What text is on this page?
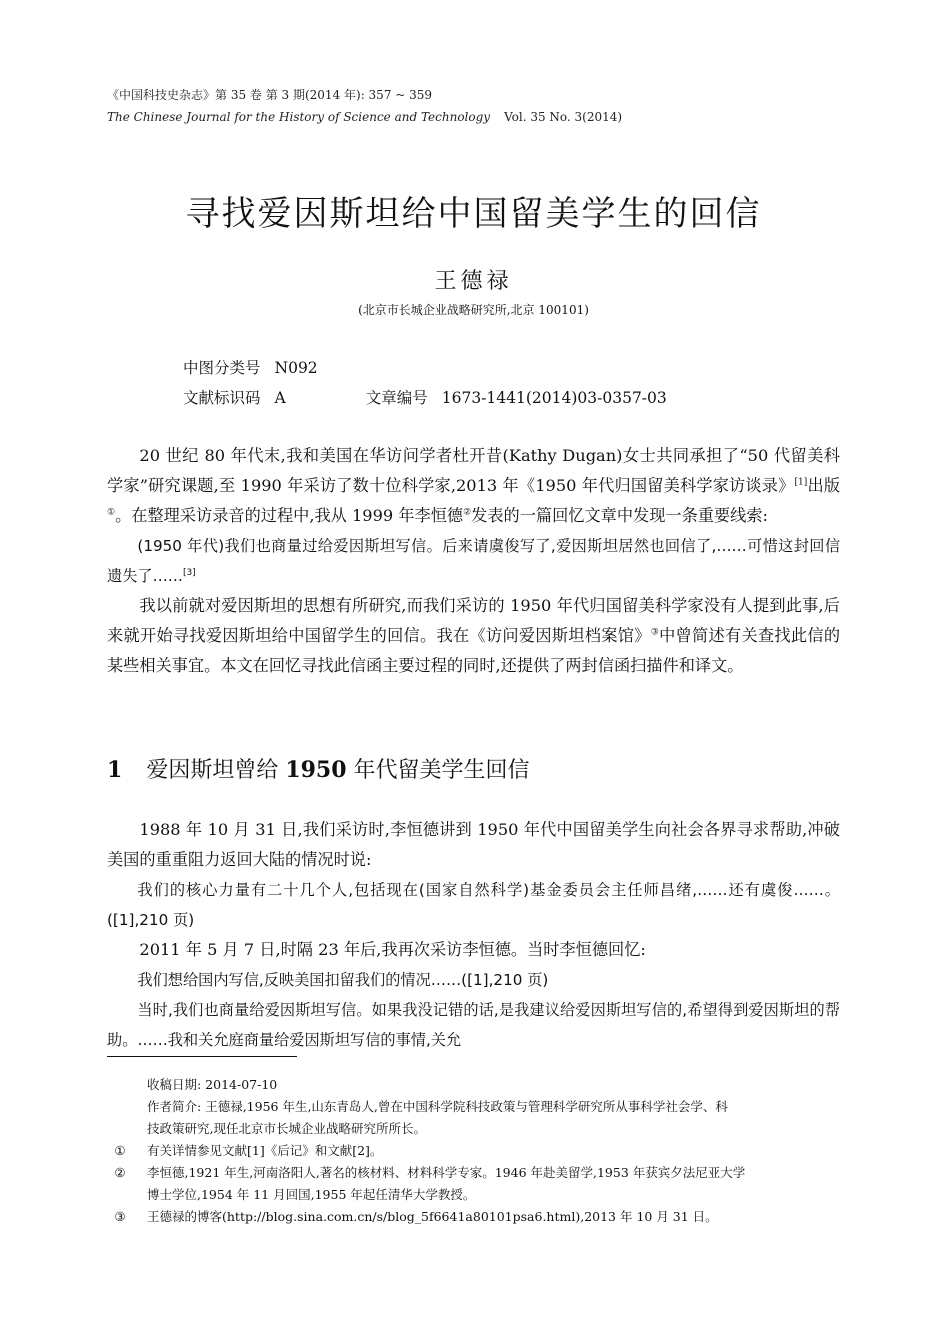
《中国科技史杂志》第 35 卷 第 3 期(2014 年): 357 ~ 359
The Chinese Journal for the History of Science and Technology Vol. 35 No. 3(2014)
寻找爱因斯坦给中国留美学生的回信
王德禄
(北京市长城企业战略研究所,北京 100101)
中图分类号 N092
文献标识码 A	文章编号 1673-1441(2014)03-0357-03

20 世纪 80 年代末,我和美国在华访问学者杜开昔(Kathy Dugan)女士共同承担了“50 代留美科学家”研究课题,至 1990 年采访了数十位科学家,2013 年《1950 年代归国留美科学家访谈录》[1]出版①。在整理采访录音的过程中,我从 1999 年李恒德②发表的一篇回忆文章中发现一条重要线索:

(1950 年代)我们也商量过给爱因斯坦写信。后来请虞俊写了,爱因斯坦居然也回信了,……可惜这封回信遗失了……[3]

我以前就对爱因斯坦的思想有所研究,而我们采访的 1950 年代归国留美科学家没有人提到此事,后来就开始寻找爱因斯坦给中国留学生的回信。我在《访问爱因斯坦档案馆》③中曾简述有关查找此信的某些相关事宜。本文在回忆寻找此信函主要过程的同时,还提供了两封信函扫描件和译文。

1 爱因斯坦曾给 1950 年代留美学生回信

1988 年 10 月 31 日,我们采访时,李恒德讲到 1950 年代中国留美学生向社会各界寻求帮助,冲破美国的重重阻力返回大陆的情况时说:

我们的核心力量有二十几个人,包括现在(国家自然科学)基金委员会主任师昌绪,……还有虞俊……。([1],210 页)

2011 年 5 月 7 日,时隔 23 年后,我再次采访李恒德。当时李恒德回忆:

我们想给国内写信,反映美国扣留我们的情况……([1],210 页)

当时,我们也商量给爱因斯坦写信。如果我没记错的话,是我建议给爱因斯坦写信的,希望得到爱因斯坦的帮助。……我和关允庭商量给爱因斯坦写信的事情,关允

收稿日期: 2014-07-10
作者简介: 王德禄,1956 年生,山东青岛人,曾在中国科学院科技政策与管理科学研究所从事科学社会学、科
技政策研究,现任北京市长城企业战略研究所所长。
① 有关详情参见文献[1]《后记》和文献[2]。
② 李恒德,1921 年生,河南洛阳人,著名的核材料、材料科学专家。1946 年赴美留学,1953 年获宾夕法尼亚大学
博士学位,1954 年 11 月回国,1955 年起任清华大学教授。
③ 王德禄的博客(http://blog.sina.com.cn/s/blog_5f6641a80101psa6.html),2013 年 10 月 31 日。
